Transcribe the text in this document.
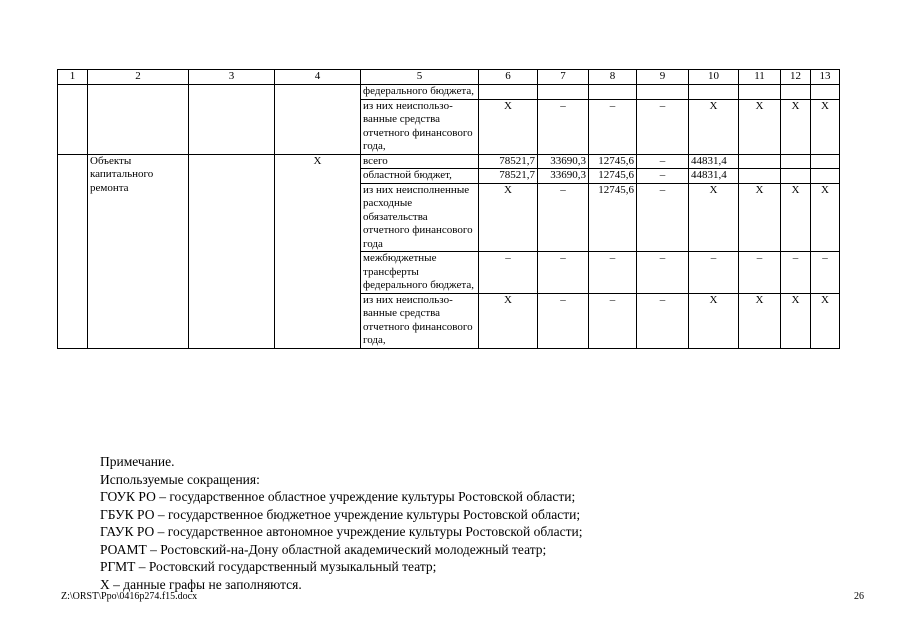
1	2	3	4	5	6	7	8	9	10	11	12	13
				федерального бюджета,								
				из них неиспользо-ванные средства отчетного финансового года,	Х	–	–	–	Х	Х	Х	Х
	Объекты капитального ремонта		Х	всего	78521,7	33690,3	12745,6	–	44831,4			
				областной бюджет,	78521,7	33690,3	12745,6	–	44831,4			
				из них неисполненные расходные обязательства отчетного финансового года	Х	–	12745,6	–	Х	Х	Х	Х
				межбюджетные трансферты федерального бюджета,	–	–	–	–	–	–	–	–
				из них неиспользо-ванные средства отчетного финансового года,	Х	–	–	–	Х	Х	Х	Х
Примечание.
Используемые сокращения:
ГОУК РО – государственное областное учреждение культуры Ростовской области;
ГБУК РО – государственное бюджетное учреждение культуры Ростовской области;
ГАУК РО – государственное автономное учреждение культуры Ростовской области;
РОАМТ – Ростовский-на-Дону областной академический молодежный театр;
РГМТ – Ростовский государственный музыкальный театр;
Х – данные графы не заполняются.
Z:\ORST\Ppo\0416p274.f15.docx	26
